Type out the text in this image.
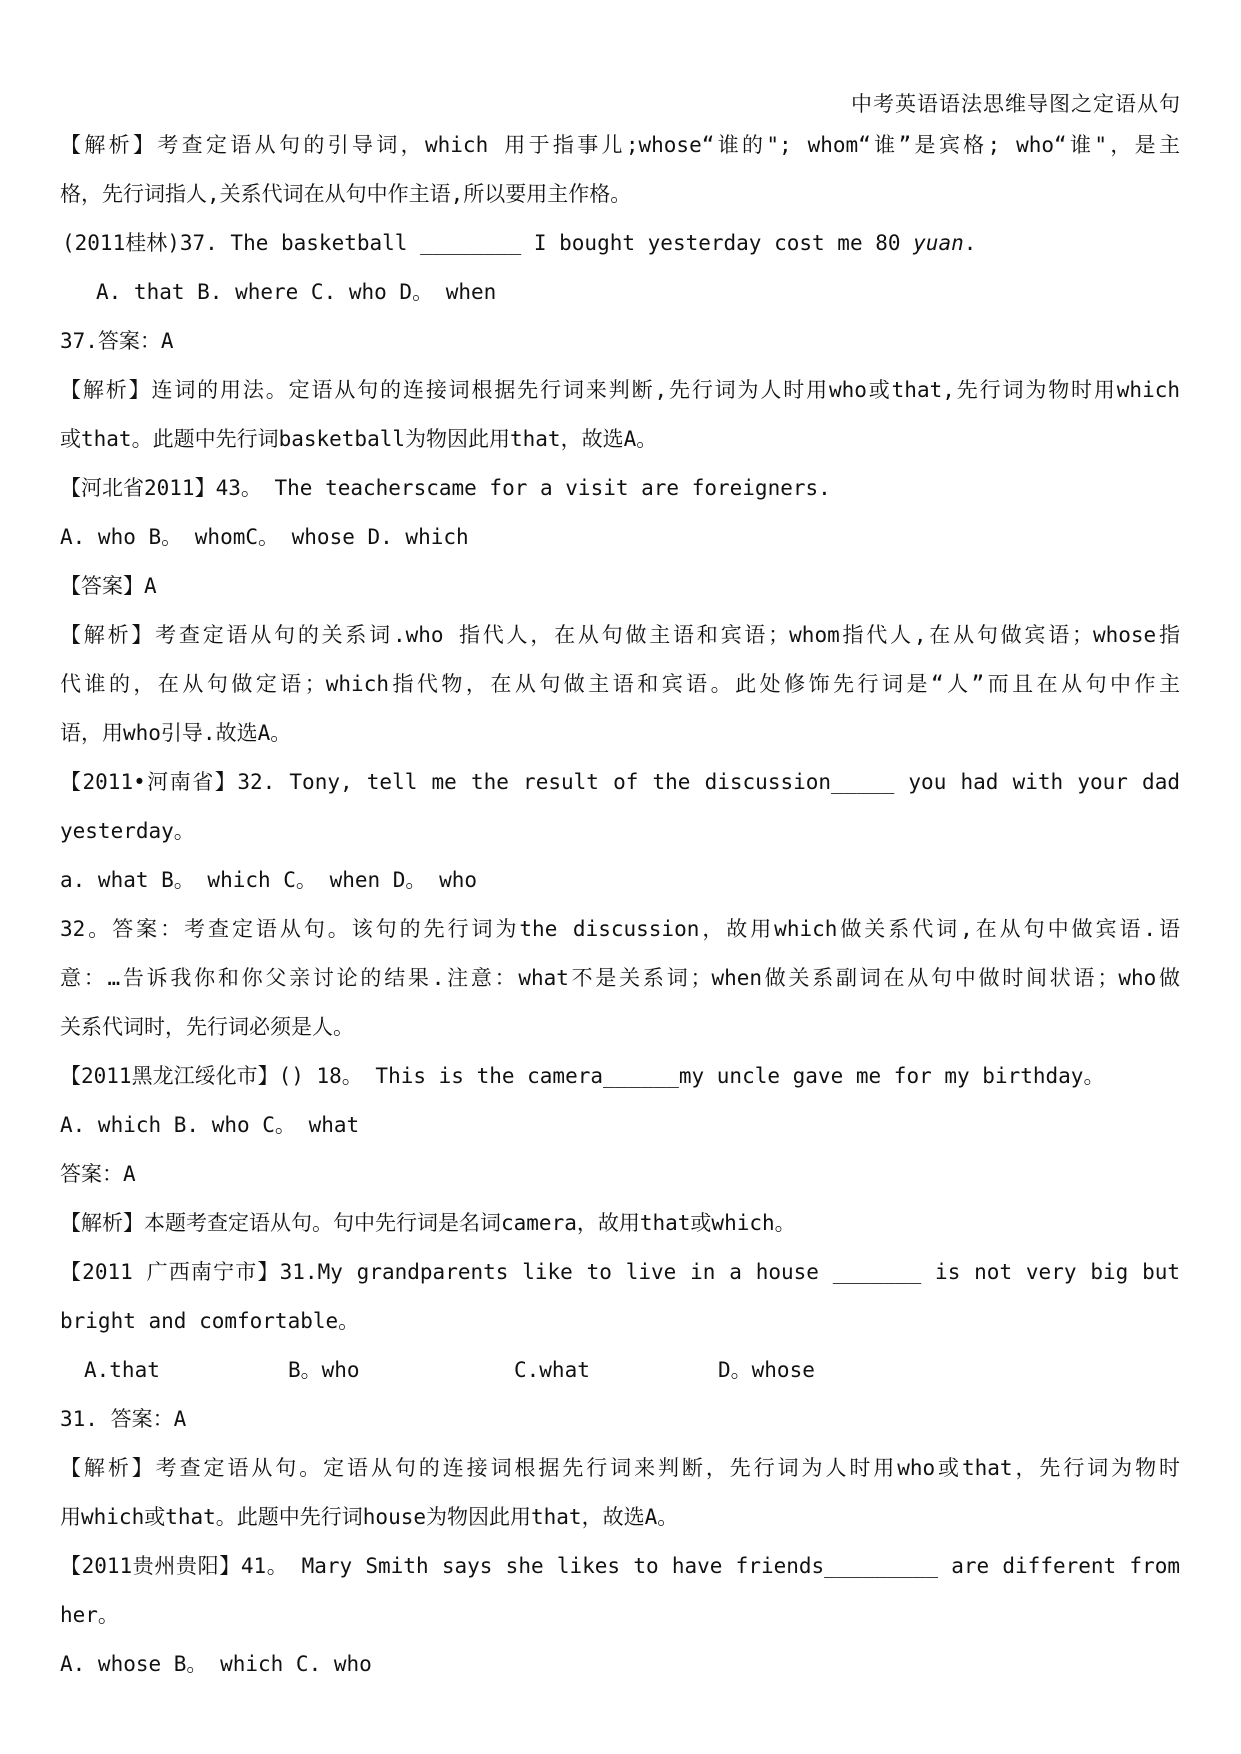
中考英语语法思维导图之定语从句
【解析】考查定语从句的引导词，which 用于指事儿;whose“谁的"; whom“谁”是宾格; who“谁"，是主
格，先行词指人,关系代词在从句中作主语,所以要用主作格。
(2011桂林)37. The basketball ________ I bought yesterday cost me 80 yuan.
A. that B. where C. who D。 when
37.答案：A
【解析】连词的用法。定语从句的连接词根据先行词来判断,先行词为人时用who或that,先行词为物时用which
或that。此题中先行词basketball为物因此用that，故选A。
【河北省2011】43。 The teacherscame for a visit are foreigners.
A. who B。 whomC。 whose D. which
【答案】A
【解析】考查定语从句的关系词.who 指代人，在从句做主语和宾语；whom指代人,在从句做宾语；whose指
代谁的，在从句做定语；which指代物，在从句做主语和宾语。此处修饰先行词是“人”而且在从句中作主
语，用who引导.故选A。
【2011•河南省】32. Tony, tell me the result of the discussion_____ you had with your dad
yesterday。
a. what B。 which C。 when D。 who
32。答案：考查定语从句。该句的先行词为the discussion，故用which做关系代词,在从句中做宾语.语
意：…告诉我你和你父亲讨论的结果.注意：what不是关系词；when做关系副词在从句中做时间状语；who做
关系代词时，先行词必须是人。
【2011黑龙江绥化市】() 18。 This is the camera______my uncle gave me for my birthday。
A. which B. who C。 what
答案：A
【解析】本题考查定语从句。句中先行词是名词camera，故用that或which。
【2011 广西南宁市】31.My grandparents like to live in a house _______ is not very big but
bright and comfortable。
A.that	B。who	C.what	D。whose
31. 答案：A
【解析】考查定语从句。定语从句的连接词根据先行词来判断，先行词为人时用who或that，先行词为物时
用which或that。此题中先行词house为物因此用that，故选A。
【2011贵州贵阳】41。 Mary Smith says she likes to have friends_________ are different from
her。
A. whose B。 which C. who
